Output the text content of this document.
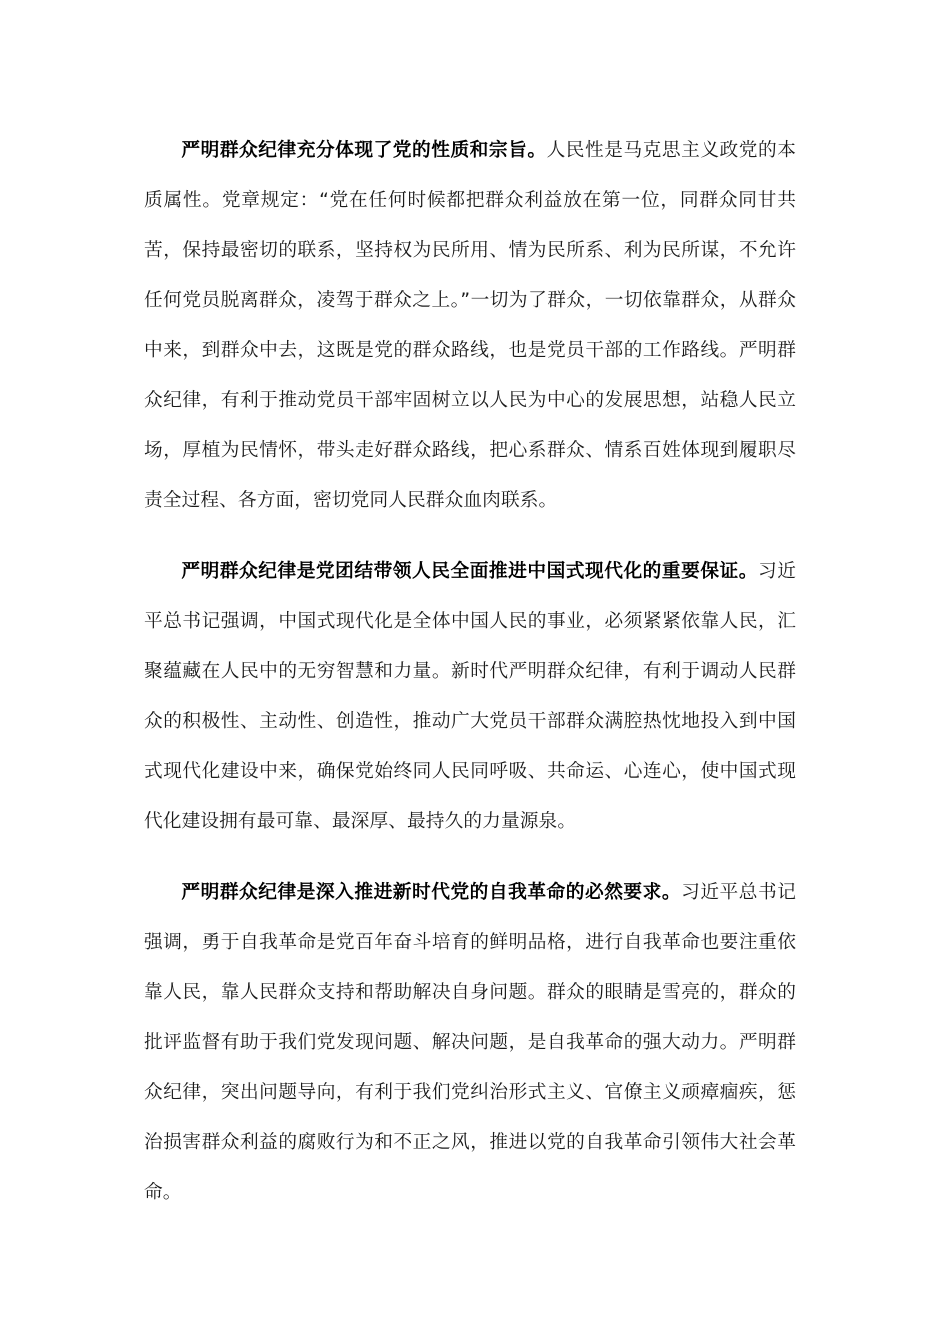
严明群众纪律充分体现了党的性质和宗旨。人民性是马克思主义政党的本质属性。党章规定：“党在任何时候都把群众利益放在第一位，同群众同甘共苦，保持最密切的联系，坚持权为民所用、情为民所系、利为民所谋，不允许任何党员脱离群众，凌驾于群众之上。”一切为了群众，一切依靠群众，从群众中来，到群众中去，这既是党的群众路线，也是党员干部的工作路线。严明群众纪律，有利于推动党员干部牢固树立以人民为中心的发展思想，站稳人民立场，厚植为民情怀，带头走好群众路线，把心系群众、情系百姓体现到履职尽责全过程、各方面，密切党同人民群众血肉联系。

严明群众纪律是党团结带领人民全面推进中国式现代化的重要保证。习近平总书记强调，中国式现代化是全体中国人民的事业，必须紧紧依靠人民，汇聚蕴藏在人民中的无穷智慧和力量。新时代严明群众纪律，有利于调动人民群众的积极性、主动性、创造性，推动广大党员干部群众满腔热忱地投入到中国式现代化建设中来，确保党始终同人民同呼吸、共命运、心连心，使中国式现代化建设拥有最可靠、最深厚、最持久的力量源泉。

严明群众纪律是深入推进新时代党的自我革命的必然要求。习近平总书记强调，勇于自我革命是党百年奋斗培育的鲜明品格，进行自我革命也要注重依靠人民，靠人民群众支持和帮助解决自身问题。群众的眼睛是雪亮的，群众的批评监督有助于我们党发现问题、解决问题，是自我革命的强大动力。严明群众纪律，突出问题导向，有利于我们党纠治形式主义、官僚主义顽瘴痼疾，惩治损害群众利益的腐败行为和不正之风，推进以党的自我革命引领伟大社会革命。
